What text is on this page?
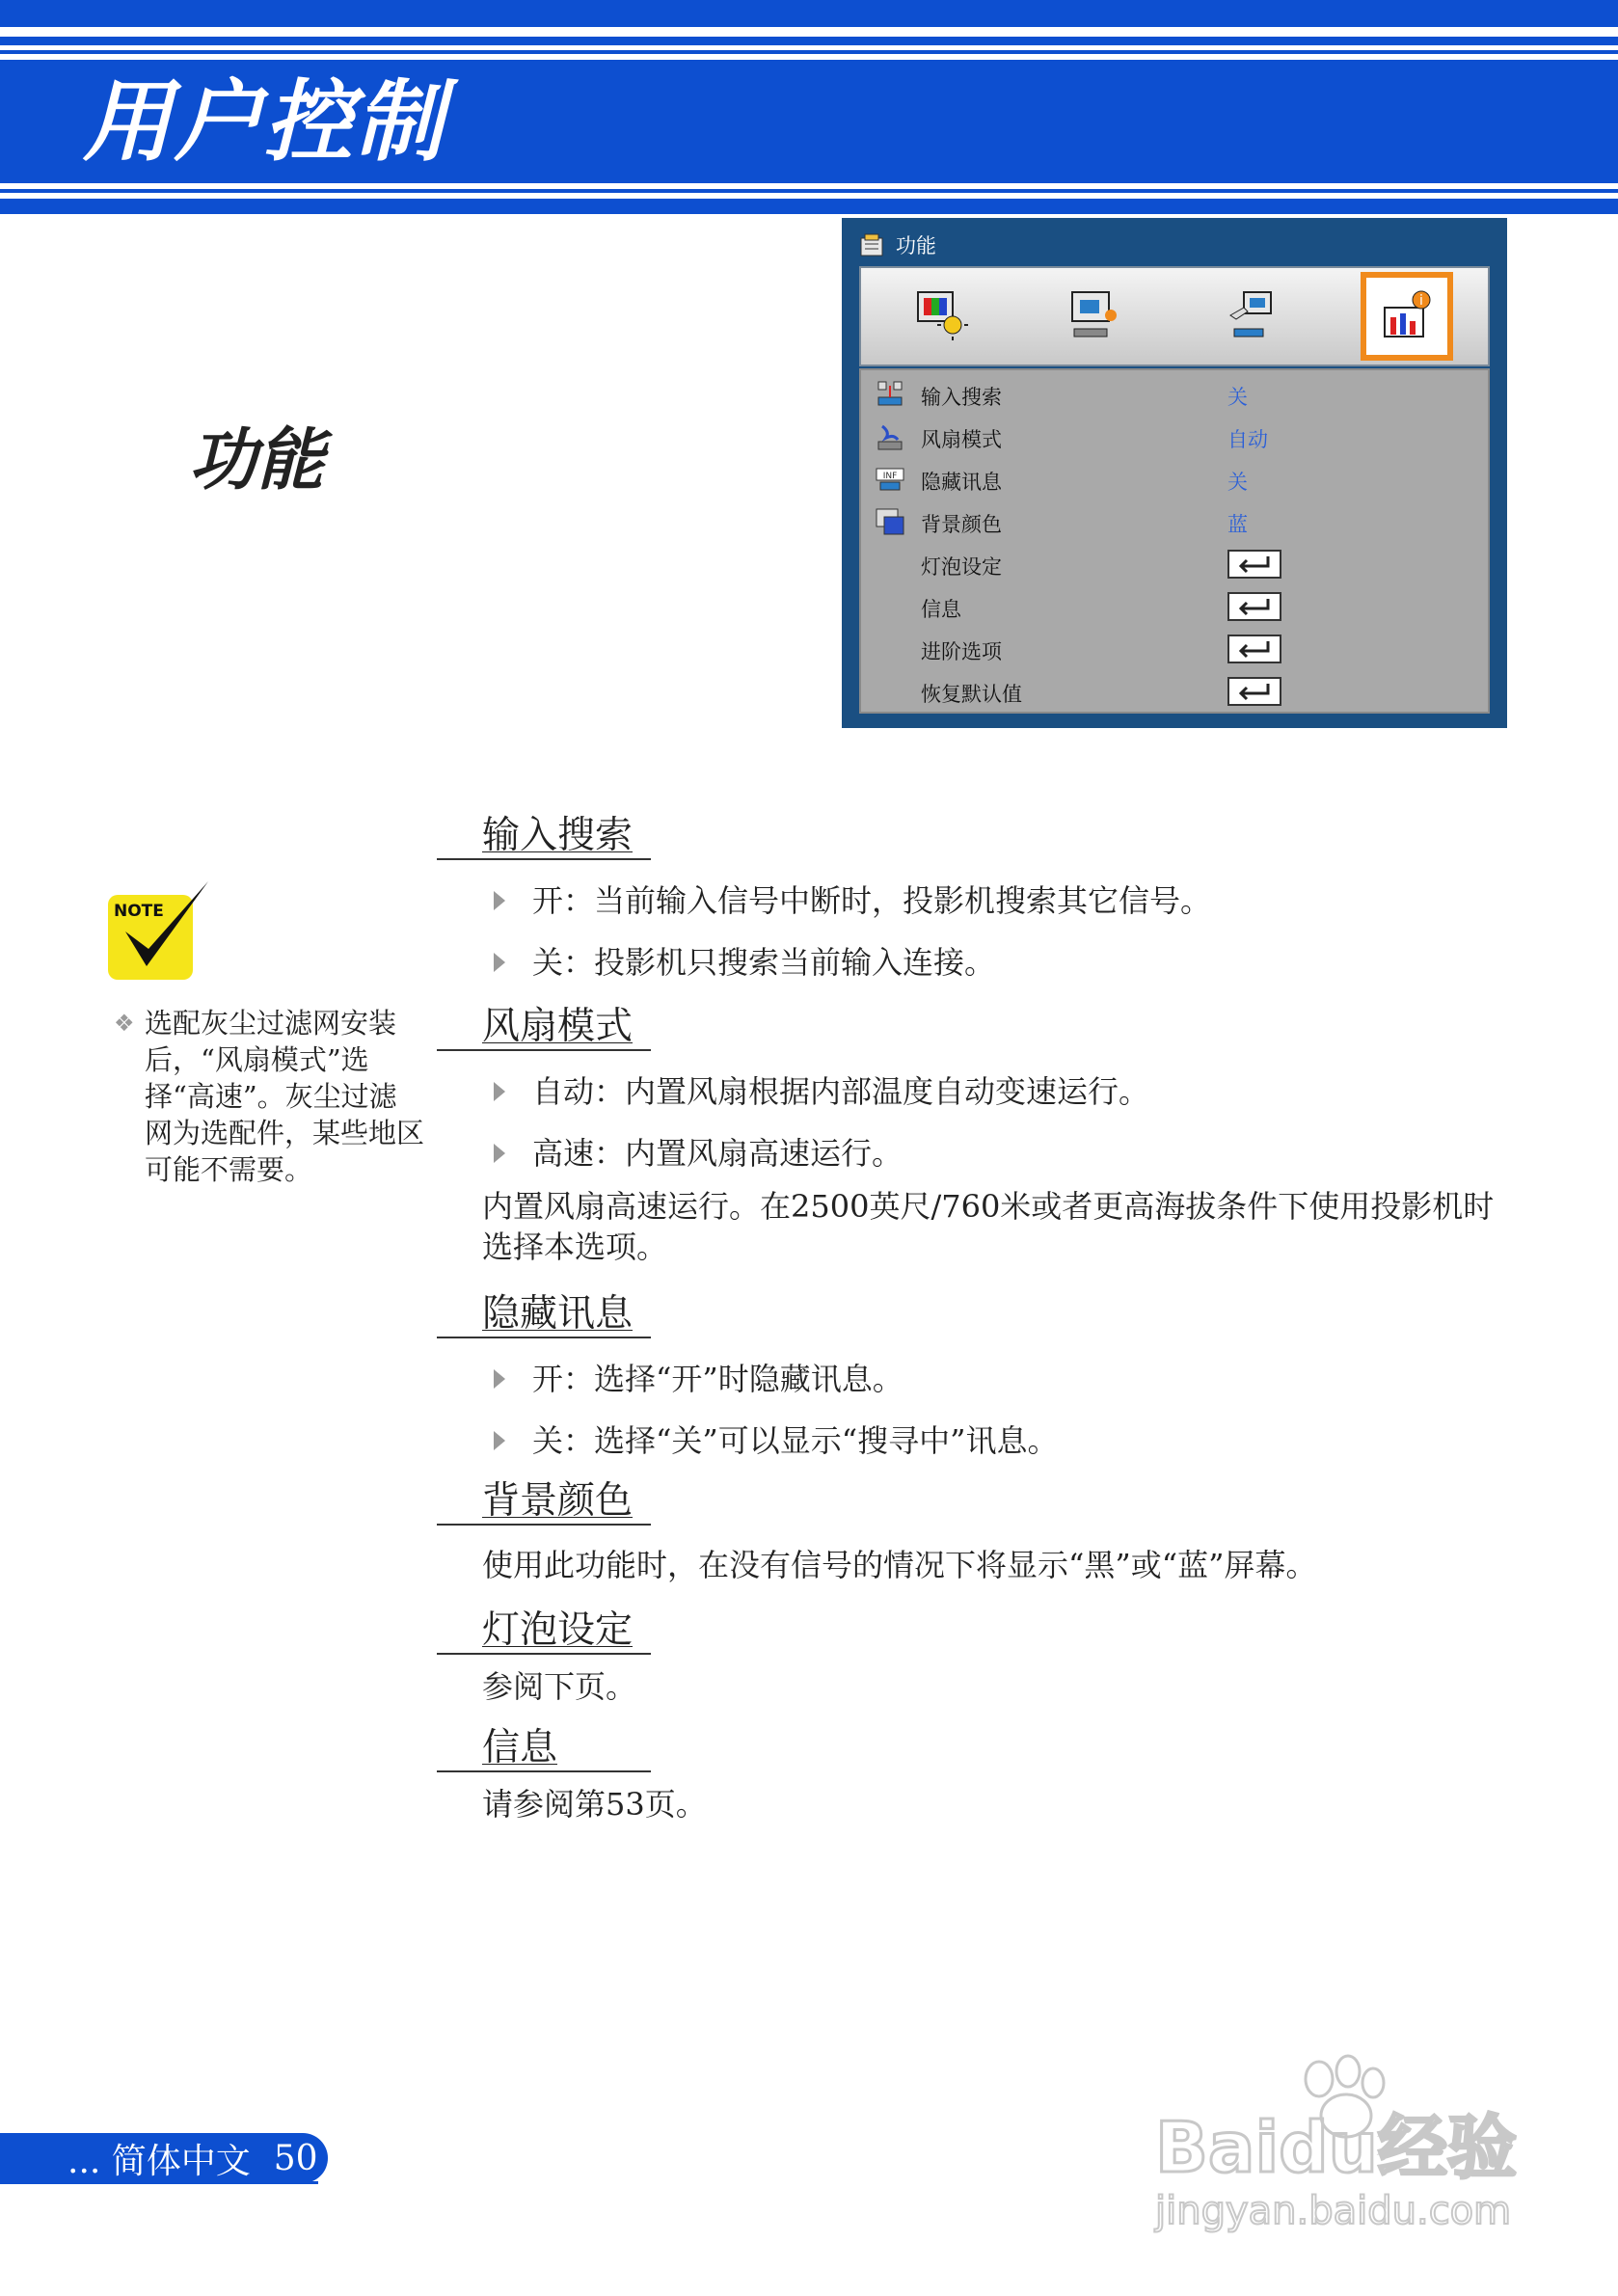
用户控制
功能
功能
i
输入搜索	关
风扇模式	自动
INF 隐藏讯息	关
背景颜色	蓝
灯泡设定
信息
进阶选项
恢复默认值
NOTE
❖ 选配灰尘过滤网安装后，“风扇模式”选择“高速”。灰尘过滤网为选配件，某些地区可能不需要。
输入搜索
开：当前输入信号中断时，投影机搜索其它信号。
关：投影机只搜索当前输入连接。
风扇模式
自动：内置风扇根据内部温度自动变速运行。
高速：内置风扇高速运行。
内置风扇高速运行。在2500英尺/760米或者更高海拔条件下使用投影机时选择本选项。
隐藏讯息
开：选择“开”时隐藏讯息。
关：选择“关”可以显示“搜寻中”讯息。
背景颜色
使用此功能时，在没有信号的情况下将显示“黑”或“蓝”屏幕。
灯泡设定
参阅下页。
信息
请参阅第53页。
... 简体中文 50	Baidu经验
jingyan.baidu.com
